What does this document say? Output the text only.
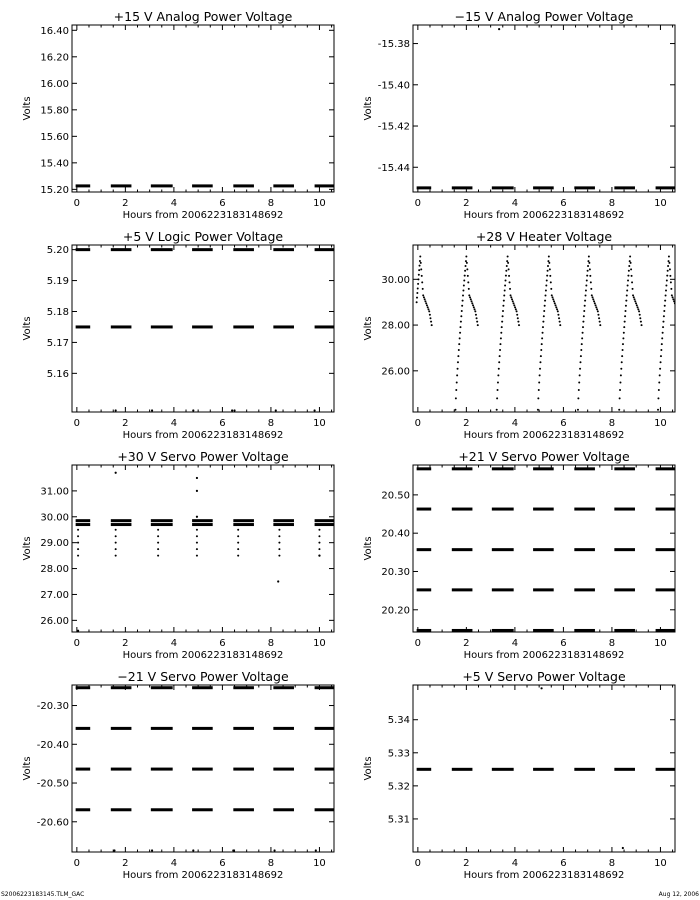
+15 V Analog Power Voltage
0	2	4	6	8	10
15.20
15.40
15.60
15.80
16.00
16.20
16.40
Hours from 2006223183148692
Volts
−15 V Analog Power Voltage
0	2	4	6	8	10
-15.38
-15.40
-15.42
-15.44
Hours from 2006223183148692
Volts
+5 V Logic Power Voltage
0	2	4	6	8	10
5.20
5.19
5.18
5.17
5.16
Hours from 2006223183148692
Volts
+28 V Heater Voltage
0	2	4	6	8	10
30.00
28.00
26.00
Hours from 2006223183148692
Volts
+30 V Servo Power Voltage
0	2	4	6	8	10
31.00
30.00
29.00
28.00
27.00
26.00
Hours from 2006223183148692
Volts
+21 V Servo Power Voltage
0	2	4	6	8	10
20.50
20.40
20.30
20.20
Hours from 2006223183148692
Volts
−21 V Servo Power Voltage
0	2	4	6	8	10
-20.30
-20.40
-20.50
-20.60
Hours from 2006223183148692
Volts
+5 V Servo Power Voltage
0	2	4	6	8	10
5.34
5.33
5.32
5.31
Hours from 2006223183148692
Volts
S2006223183145.TLM_GAC	Aug 12, 2006
